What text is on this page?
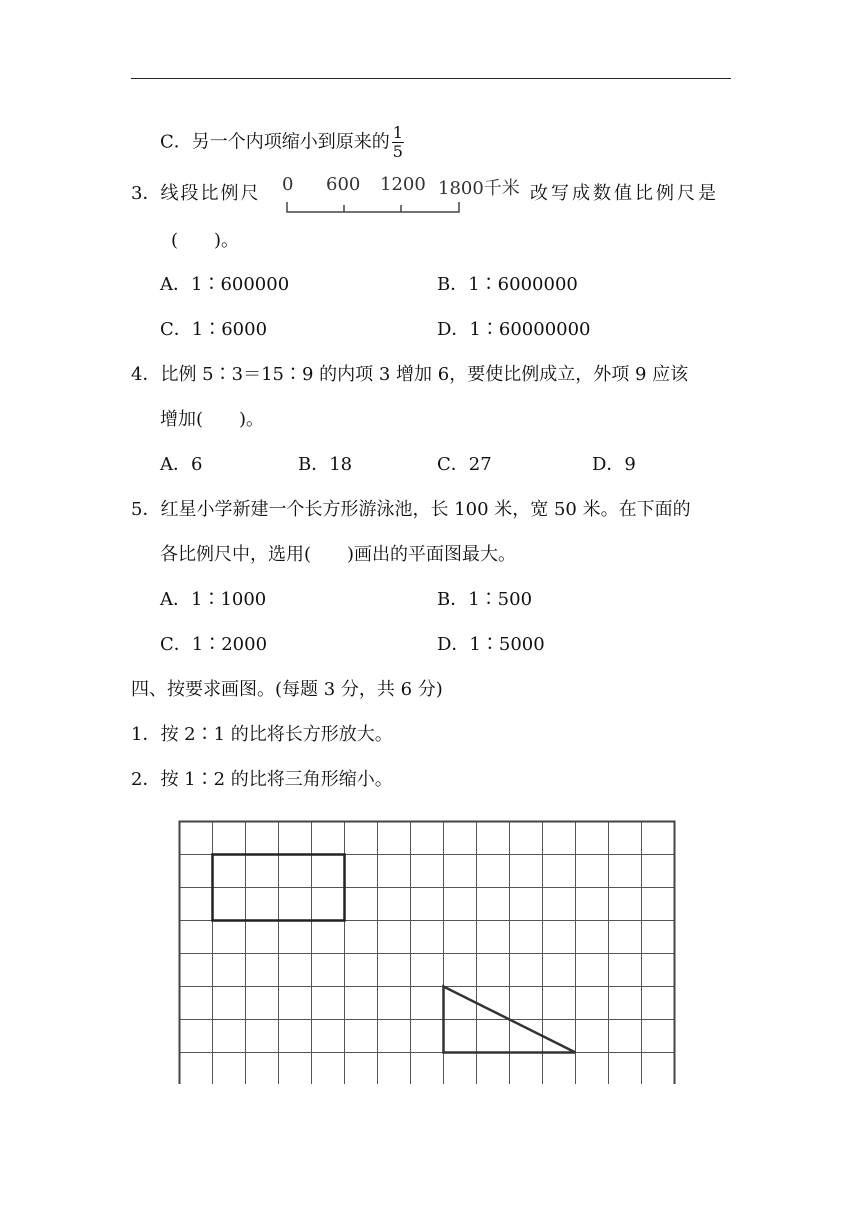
C．另一个内项缩小到原来的 $\frac{1}{5}$
3．线段比例尺 0 600 1200 1800千米 改写成数值比例尺是
(　　)。
A．1∶600000	B．1∶6000000
C．1∶6000	D．1∶60000000
4．比例 5∶3＝15∶9 的内项 3 增加 6，要使比例成立，外项 9 应该
增加(　　)。
A．6	B．18	C．27	D．9
5．红星小学新建一个长方形游泳池，长 100 米，宽 50 米。在下面的
各比例尺中，选用(　　)画出的平面图最大。
A．1∶1000	B．1∶500
C．1∶2000	D．1∶5000
四、按要求画图。(每题 3 分，共 6 分)
1．按 2∶1 的比将长方形放大。
2．按 1∶2 的比将三角形缩小。
